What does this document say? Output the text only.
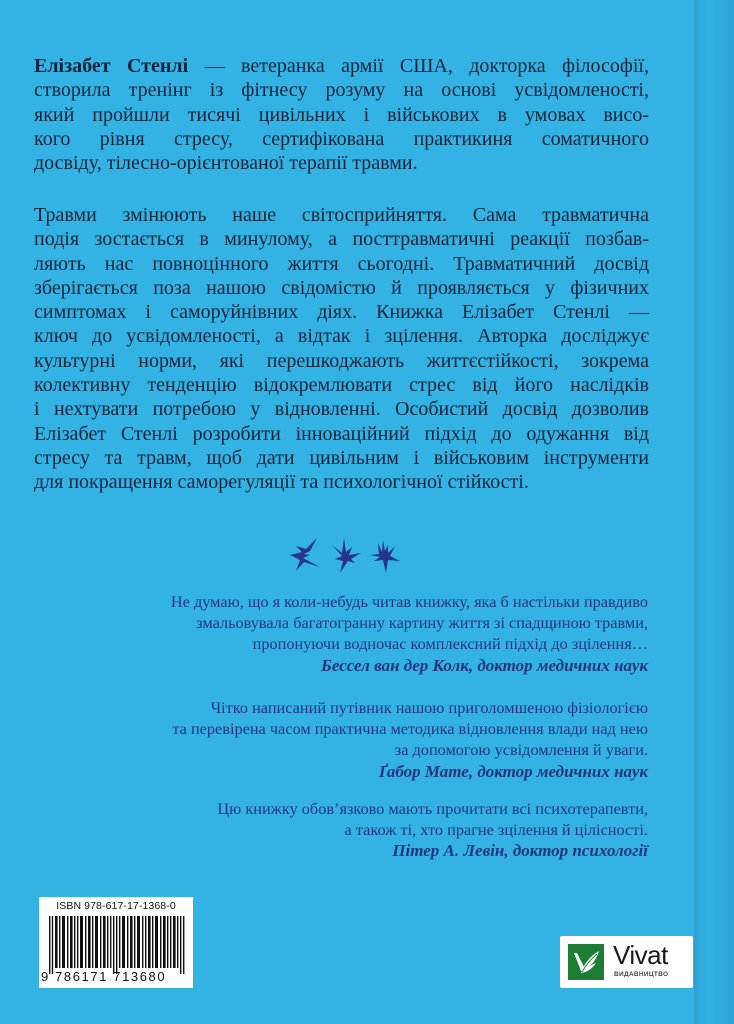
Елізабет Стенлі — ветеранка армії США, докторка філософії,
створила тренінг із фітнесу розуму на основі усвідомленості,
який пройшли тисячі цивільних і військових в умовах висо-
кого рівня стресу, сертифікована практикиня соматичного
досвіду, тілесно-орієнтованої терапії травми.
Травми змінюють наше світосприйняття. Сама травматична
подія зостається в минулому, а посттравматичні реакції позбав-
ляють нас повноцінного життя сьогодні. Травматичний досвід
зберігається поза нашою свідомістю й проявляється у фізичних
симптомах і саморуйнівних діях. Книжка Елізабет Стенлі —
ключ до усвідомленості, а відтак і зцілення. Авторка досліджує
культурні норми, які перешкоджають життєстійкості, зокрема
колективну тенденцію відокремлювати стрес від його наслідків
і нехтувати потребою у відновленні. Особистий досвід дозволив
Елізабет Стенлі розробити інноваційний підхід до одужання від
стресу та травм, щоб дати цивільним і військовим інструменти
для покращення саморегуляції та психологічної стійкості.
Не думаю, що я коли-небудь читав книжку, яка б настільки правдиво
змальовувала багатогранну картину життя зі спадщиною травми,
пропонуючи водночас комплексний підхід до зцілення…
Бессел ван дер Колк, доктор медичних наук
Чітко написаний путівник нашою приголомшеною фізіологією
та перевірена часом практична методика відновлення влади над нею
за допомогою усвідомлення й уваги.
Ґабор Мате, доктор медичних наук
Цю книжку обов’язково мають прочитати всі психотерапевти,
а також ті, хто прагне зцілення й цілісності.
Пітер А. Левін, доктор психології
ISBN 978-617-17-1368-0
9 786171 713680
Vivat
ВИДАВНИЦТВО
